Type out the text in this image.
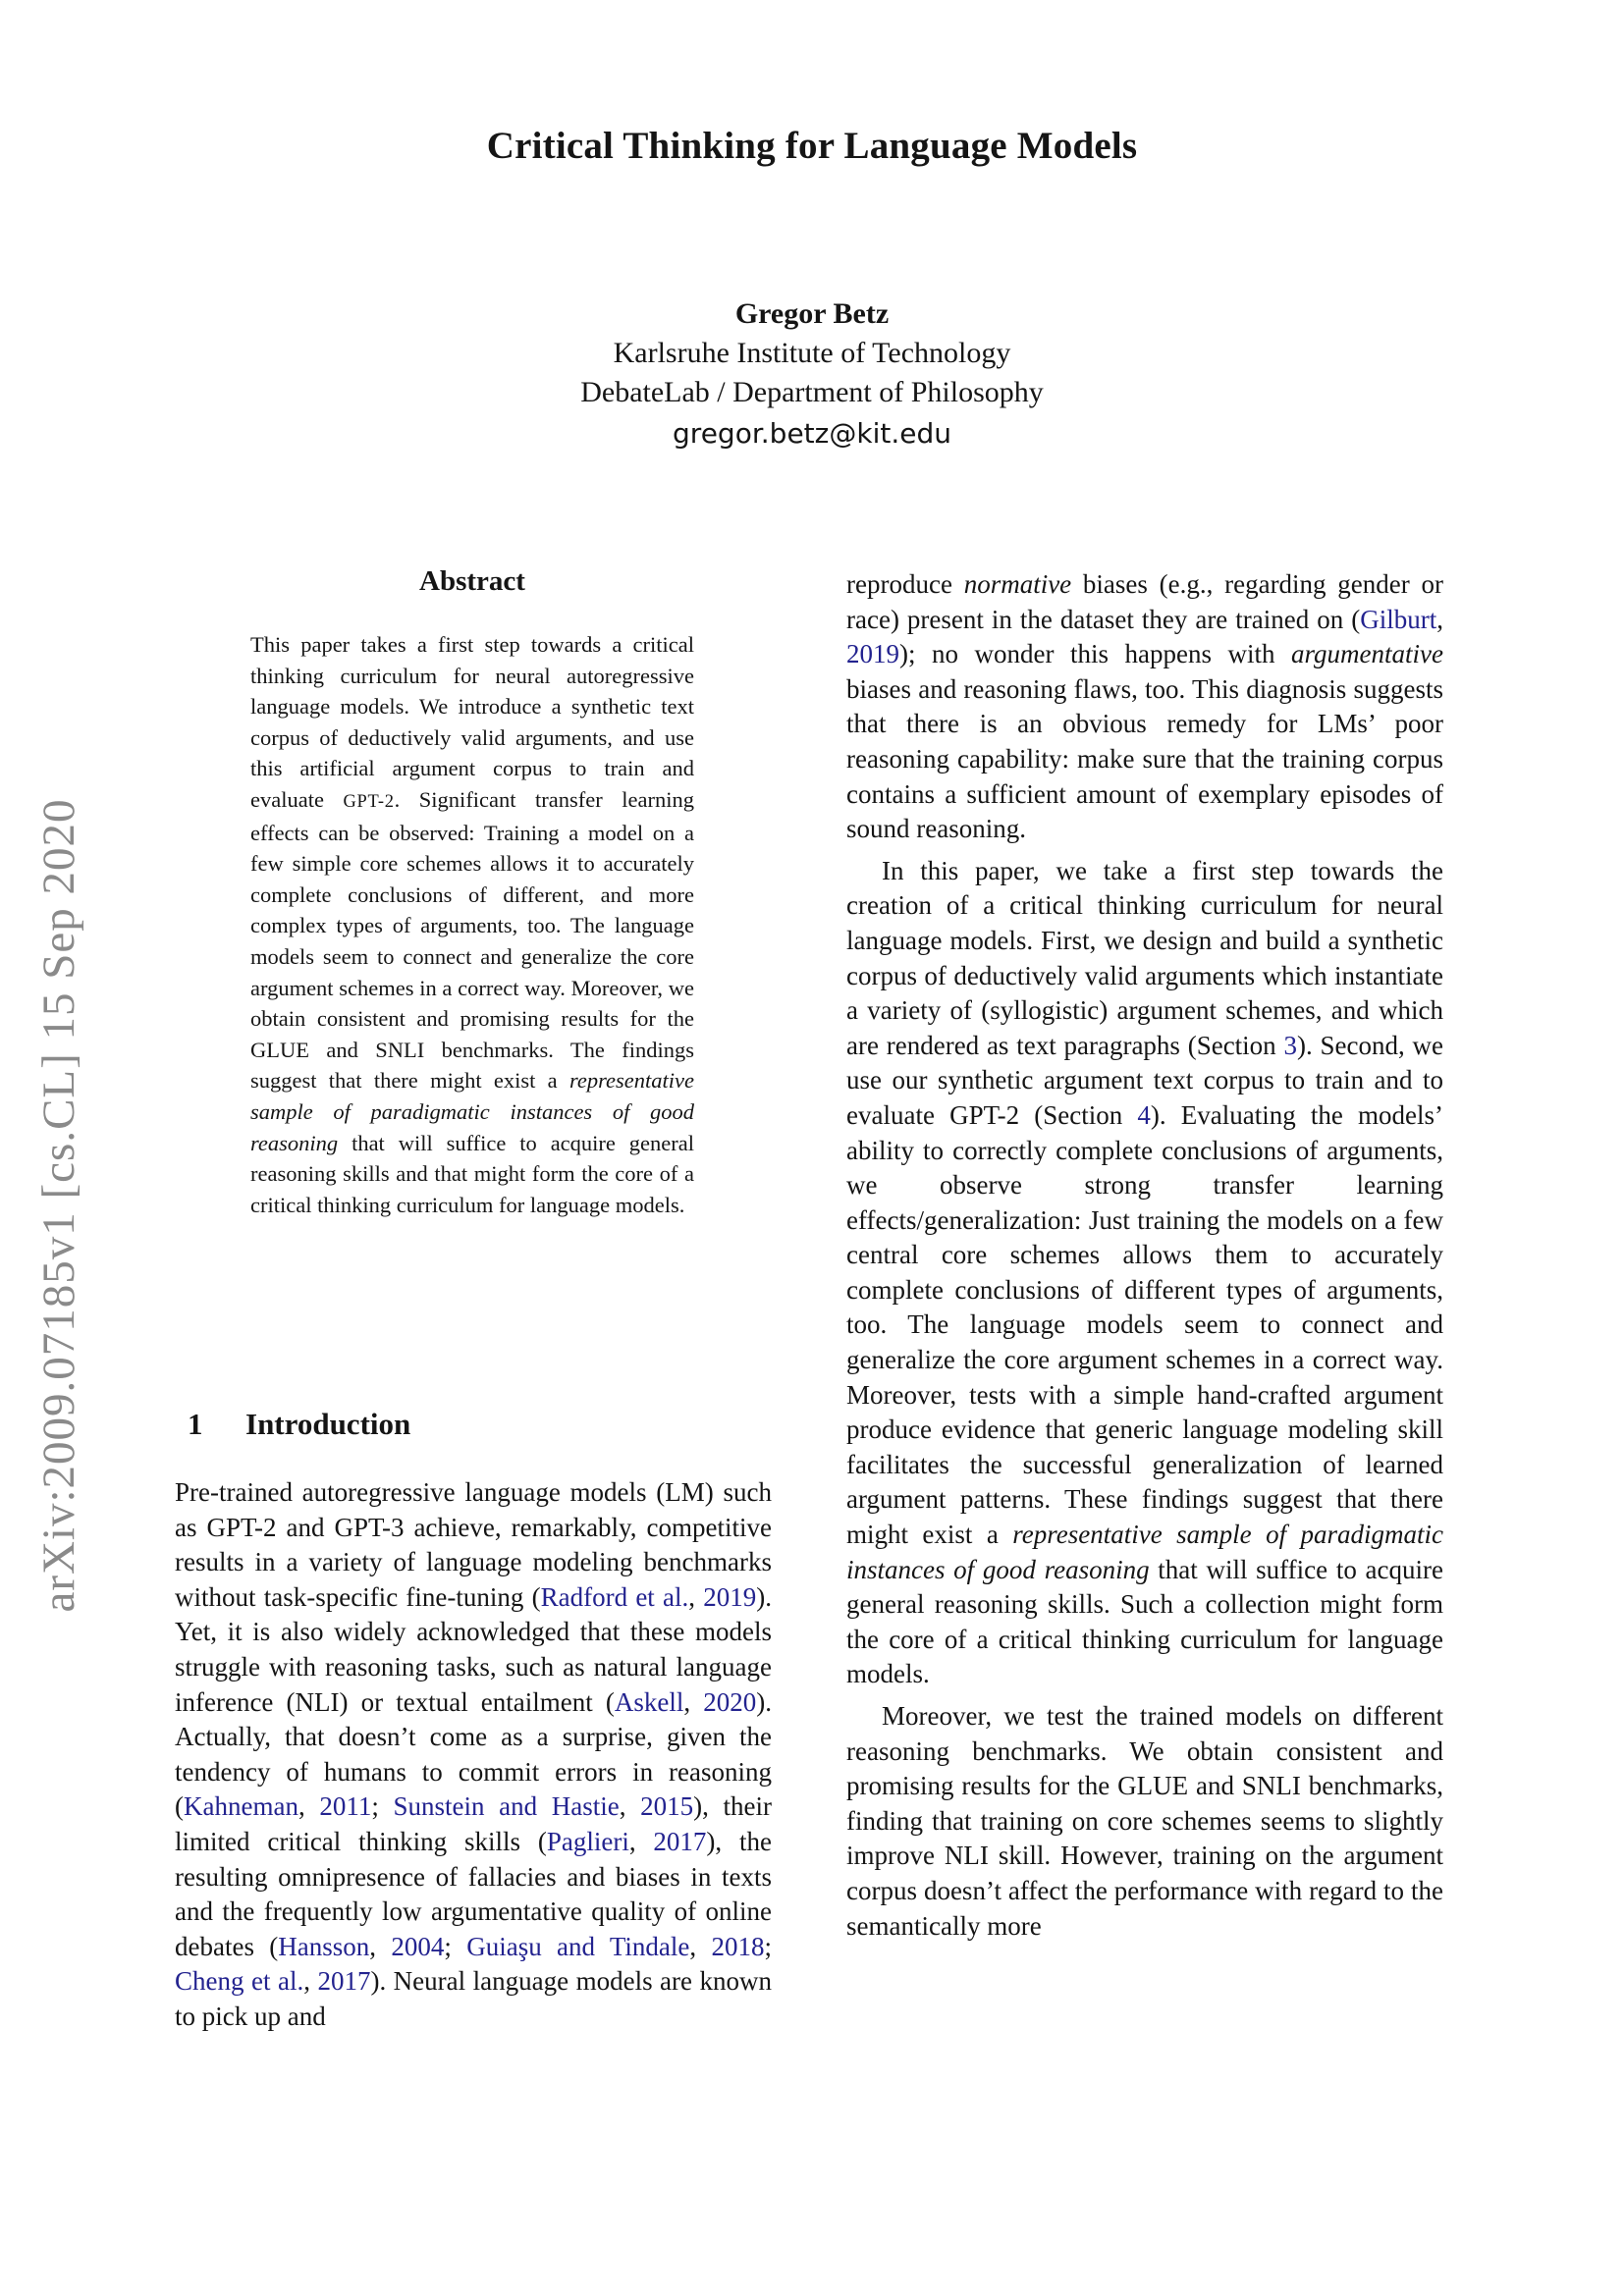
arXiv:2009.07185v1 [cs.CL] 15 Sep 2020
Critical Thinking for Language Models
Gregor Betz
Karlsruhe Institute of Technology
DebateLab / Department of Philosophy
gregor.betz@kit.edu
Abstract
This paper takes a first step towards a critical thinking curriculum for neural autoregressive language models. We introduce a synthetic text corpus of deductively valid arguments, and use this artificial argument corpus to train and evaluate GPT-2. Significant transfer learning effects can be observed: Training a model on a few simple core schemes allows it to accurately complete conclusions of different, and more complex types of arguments, too. The language models seem to connect and generalize the core argument schemes in a correct way. Moreover, we obtain consistent and promising results for the GLUE and SNLI benchmarks. The findings suggest that there might exist a representative sample of paradigmatic instances of good reasoning that will suffice to acquire general reasoning skills and that might form the core of a critical thinking curriculum for language models.
1 Introduction
Pre-trained autoregressive language models (LM) such as GPT-2 and GPT-3 achieve, remarkably, competitive results in a variety of language modeling benchmarks without task-specific fine-tuning (Radford et al., 2019). Yet, it is also widely acknowledged that these models struggle with reasoning tasks, such as natural language inference (NLI) or textual entailment (Askell, 2020). Actually, that doesn’t come as a surprise, given the tendency of humans to commit errors in reasoning (Kahneman, 2011; Sunstein and Hastie, 2015), their limited critical thinking skills (Paglieri, 2017), the resulting omnipresence of fallacies and biases in texts and the frequently low argumentative quality of online debates (Hansson, 2004; Guiaşu and Tindale, 2018; Cheng et al., 2017). Neural language models are known to pick up and

reproduce normative biases (e.g., regarding gender or race) present in the dataset they are trained on (Gilburt, 2019); no wonder this happens with argumentative biases and reasoning flaws, too. This diagnosis suggests that there is an obvious remedy for LMs’ poor reasoning capability: make sure that the training corpus contains a sufficient amount of exemplary episodes of sound reasoning.

In this paper, we take a first step towards the creation of a critical thinking curriculum for neural language models. First, we design and build a synthetic corpus of deductively valid arguments which instantiate a variety of (syllogistic) argument schemes, and which are rendered as text paragraphs (Section 3). Second, we use our synthetic argument text corpus to train and to evaluate GPT-2 (Section 4). Evaluating the models’ ability to correctly complete conclusions of arguments, we observe strong transfer learning effects/generalization: Just training the models on a few central core schemes allows them to accurately complete conclusions of different types of arguments, too. The language models seem to connect and generalize the core argument schemes in a correct way. Moreover, tests with a simple hand-crafted argument produce evidence that generic language modeling skill facilitates the successful generalization of learned argument patterns. These findings suggest that there might exist a representative sample of paradigmatic instances of good reasoning that will suffice to acquire general reasoning skills. Such a collection might form the core of a critical thinking curriculum for language models.

Moreover, we test the trained models on different reasoning benchmarks. We obtain consistent and promising results for the GLUE and SNLI benchmarks, finding that training on core schemes seems to slightly improve NLI skill. However, training on the argument corpus doesn’t affect the performance with regard to the semantically more
